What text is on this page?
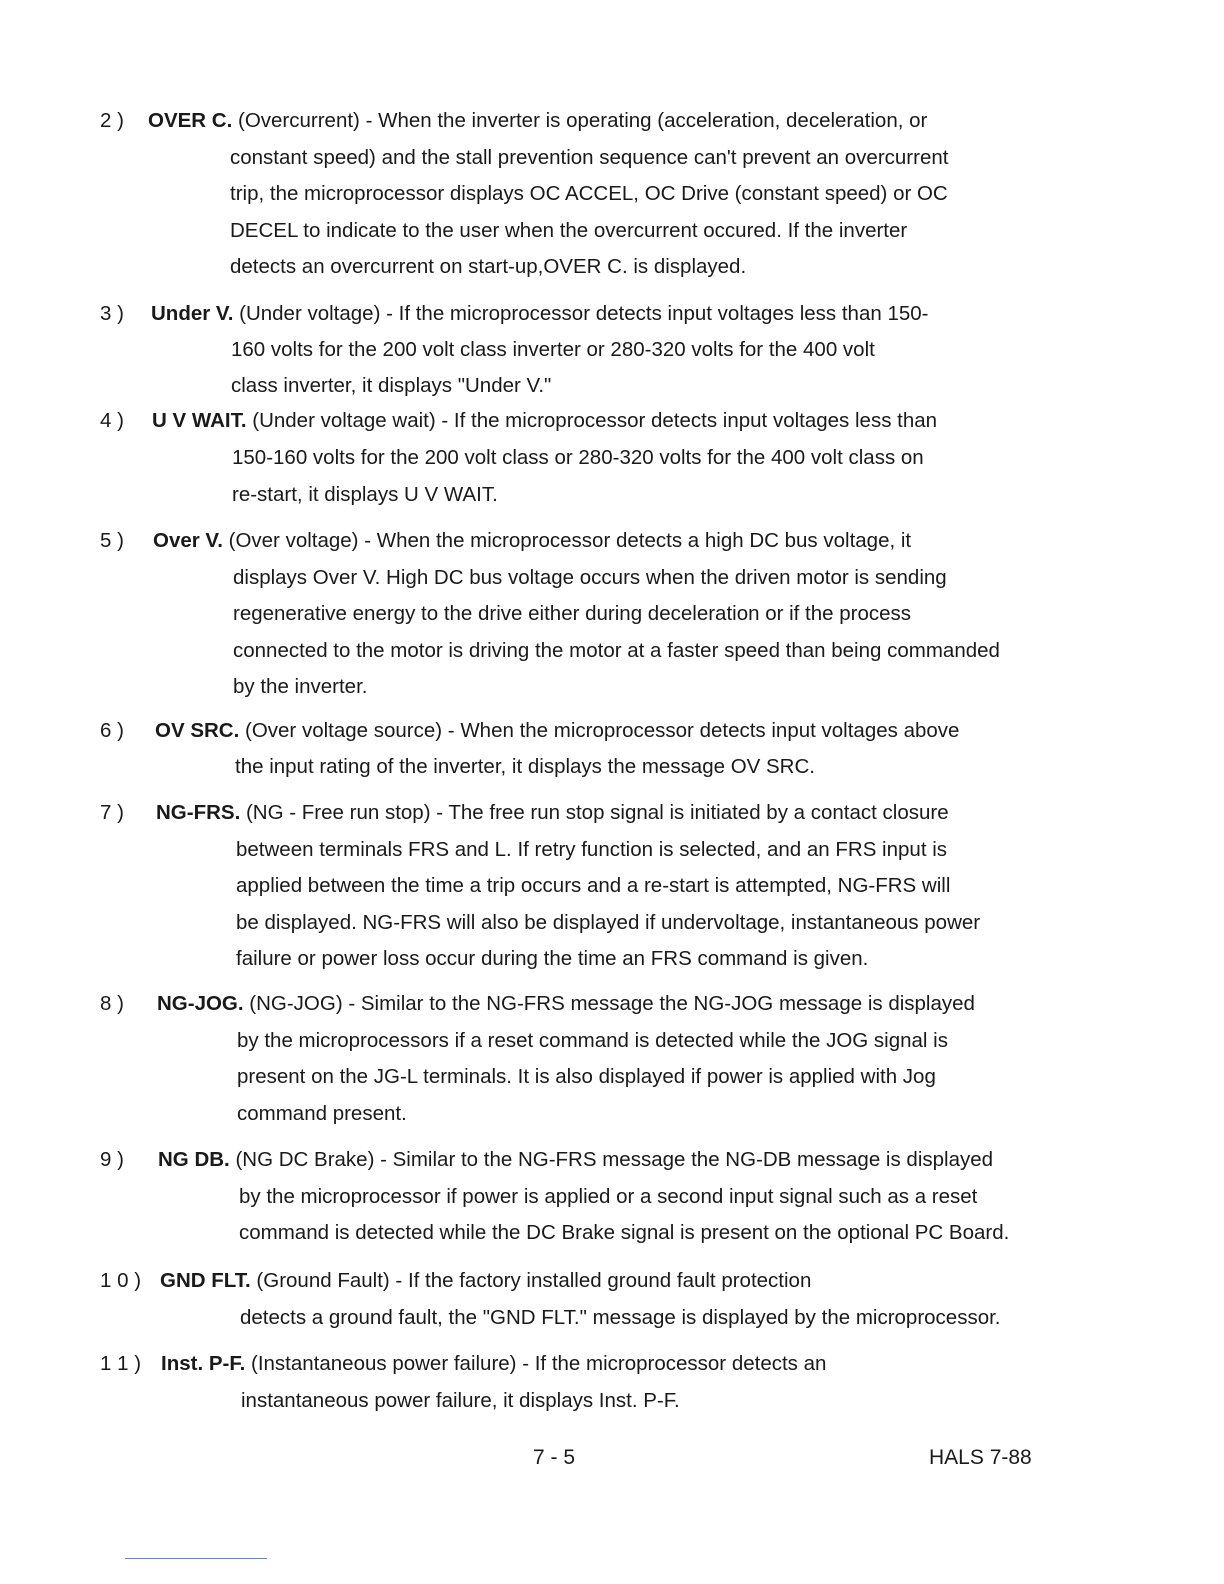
2 ) OVER C. (Overcurrent) - When the inverter is operating (acceleration, deceleration, or
constant speed) and the stall prevention sequence can't prevent an overcurrent
trip, the microprocessor displays OC ACCEL, OC Drive (constant speed) or OC
DECEL to indicate to the user when the overcurrent occured. If the inverter
detects an overcurrent on start-up,OVER C. is displayed.
3 ) Under V. (Under voltage) - If the microprocessor detects input voltages less than 150-
160 volts for the 200 volt class inverter or 280-320 volts for the 400 volt
class inverter, it displays "Under V."
4 ) U V WAIT. (Under voltage wait) - If the microprocessor detects input voltages less than
150-160 volts for the 200 volt class or 280-320 volts for the 400 volt class on
re-start, it displays U V WAIT.
5 ) Over V. (Over voltage) - When the microprocessor detects a high DC bus voltage, it
displays Over V. High DC bus voltage occurs when the driven motor is sending
regenerative energy to the drive either during deceleration or if the process
connected to the motor is driving the motor at a faster speed than being commanded
by the inverter.
6 ) OV SRC. (Over voltage source) - When the microprocessor detects input voltages above
the input rating of the inverter, it displays the message OV SRC.
7 ) NG-FRS. (NG - Free run stop) - The free run stop signal is initiated by a contact closure
between terminals FRS and L. If retry function is selected, and an FRS input is
applied between the time a trip occurs and a re-start is attempted, NG-FRS will
be displayed. NG-FRS will also be displayed if undervoltage, instantaneous power
failure or power loss occur during the time an FRS command is given.
8 ) NG-JOG. (NG-JOG) - Similar to the NG-FRS message the NG-JOG message is displayed
by the microprocessors if a reset command is detected while the JOG signal is
present on the JG-L terminals. It is also displayed if power is applied with Jog
command present.
9 ) NG DB. (NG DC Brake) - Similar to the NG-FRS message the NG-DB message is displayed
by the microprocessor if power is applied or a second input signal such as a reset
command is detected while the DC Brake signal is present on the optional PC Board.
1 0 ) GND FLT. (Ground Fault) - If the factory installed ground fault protection
detects a ground fault, the "GND FLT." message is displayed by the microprocessor.
1 1 ) Inst. P-F. (Instantaneous power failure) - If the microprocessor detects an
instantaneous power failure, it displays Inst. P-F.
7 - 5	HALS 7-88
